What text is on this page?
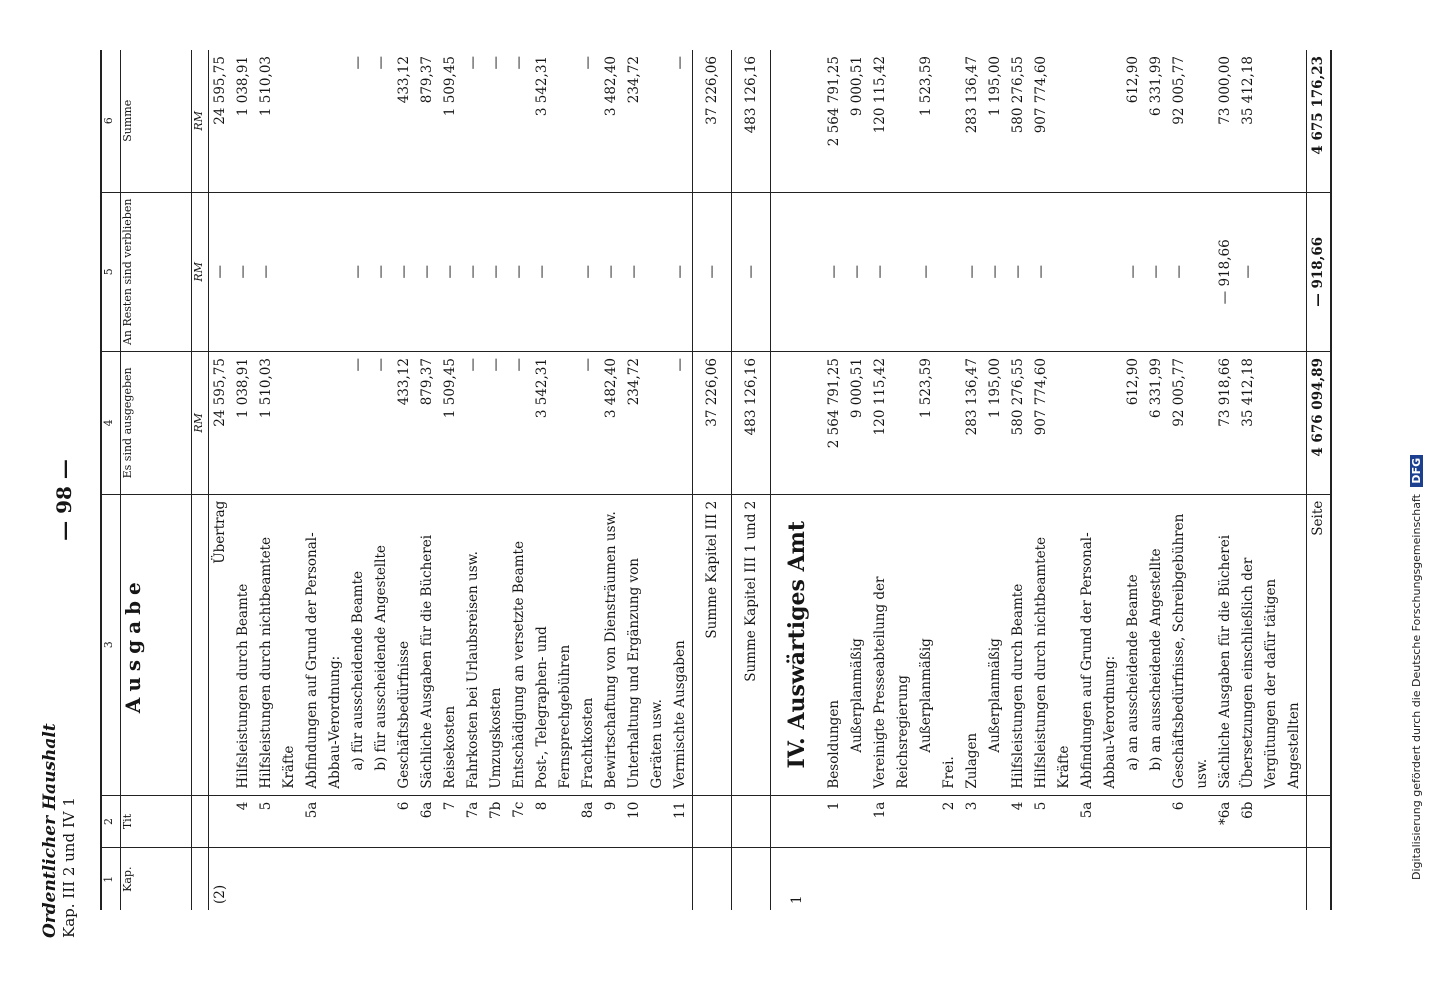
Ordentlicher Haushalt Kap. III 2 und IV 1
— 98 —
1	2	3	4	5	6
Kap.	Tit	Ausgabe	Es sind ausgegeben	An Resten sind verblieben	Summe
			RM	RM	RM
(2)		Übertrag	24 595,75	—	24 595,75
	4	Hilfsleistungen durch Beamte	1 038,91	—	1 038,91
	5	Hilfsleistungen durch nichtbeamtete Kräfte	1 510,03	—	1 510,03
	5a	Abfindungen auf Grund der Personal-Abbau-Verordnung:			
		a) für ausscheidende Beamte	—	—	—
		b) für ausscheidende Angestellte	—	—	—
	6	Geschäftsbedürfnisse	433,12	—	433,12
	6a	Sächliche Ausgaben für die Bücherei	879,37	—	879,37
	7	Reisekosten	1 509,45	—	1 509,45
	7a	Fahrkosten bei Urlaubsreisen usw.	—	—	—
	7b	Umzugskosten	—	—	—
	7c	Entschädigung an versetzte Beamte	—	—	—
	8	Post-, Telegraphen- und Fernsprechgebühren	3 542,31	—	3 542,31
	8a	Frachtkosten	—	—	—
	9	Bewirtschaftung von Diensträumen usw.	3 482,40	—	3 482,40
	10	Unterhaltung und Ergänzung von Geräten usw.	234,72	—	234,72
	11	Vermischte Ausgaben	—	—	—

		Summe Kapitel III 2	37 226,06	—	37 226,06

		Summe Kapitel III 1 und 2	483 126,16	—	483 126,16
1		IV. Auswärtiges Amt			

	1	Besoldungen	2 564 791,25	—	2 564 791,25
		Außerplanmäßig	9 000,51	—	9 000,51
	1a	Vereinigte Presseabteilung der Reichsregierung	120 115,42	—	120 115,42
		Außerplanmäßig	1 523,59	—	1 523,59
	2	Frei.			
	3	Zulagen	283 136,47	—	283 136,47
		Außerplanmäßig	1 195,00	—	1 195,00
	4	Hilfsleistungen durch Beamte	580 276,55	—	580 276,55
	5	Hilfsleistungen durch nichtbeamtete Kräfte	907 774,60	—	907 774,60
	5a	Abfindungen auf Grund der Personal-Abbau-Verordnung:			
		a) an ausscheidende Beamte	612,90	—	612,90
		b) an ausscheidende Angestellte	6 331,99	—	6 331,99
	6	Geschäftsbedürfnisse, Schreibgebühren usw.	92 005,77	—	92 005,77
	*6a	Sächliche Ausgaben für die Bücherei	73 918,66	— 918,66	73 000,00
	6b	Übersetzungen einschließlich der Vergütungen der dafür tätigen Angestellten	35 412,18	—	35 412,18

		Seite	4 676 094,89	— 918,66	4 675 176,23
Digitalisierung gefördert durch die Deutsche Forschungsgemeinschaft DFG
